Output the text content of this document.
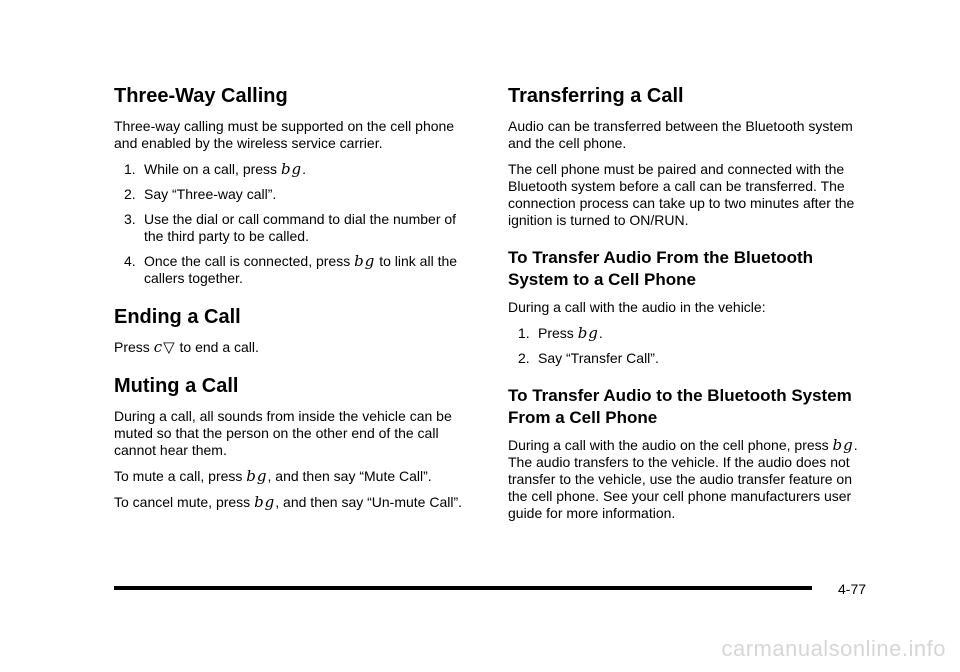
Three-Way Calling

Three-way calling must be supported on the cell phone and enabled by the wireless service carrier.

1. While on a call, press bg.
2. Say “Three-way call”.
3. Use the dial or call command to dial the number of the third party to be called.
4. Once the call is connected, press bg to link all the callers together.
Ending a Call

Press c▽ to end a call.

Muting a Call

During a call, all sounds from inside the vehicle can be muted so that the person on the other end of the call cannot hear them.

To mute a call, press bg, and then say “Mute Call”.

To cancel mute, press bg, and then say “Un-mute Call”.

Transferring a Call

Audio can be transferred between the Bluetooth system and the cell phone.

The cell phone must be paired and connected with the Bluetooth system before a call can be transferred. The connection process can take up to two minutes after the ignition is turned to ON/RUN.

To Transfer Audio From the Bluetooth System to a Cell Phone

During a call with the audio in the vehicle:

1. Press bg.
2. Say “Transfer Call”.
To Transfer Audio to the Bluetooth System From a Cell Phone

During a call with the audio on the cell phone, press bg. The audio transfers to the vehicle. If the audio does not transfer to the vehicle, use the audio transfer feature on the cell phone. See your cell phone manufacturers user guide for more information.

4-77
carmanualsonline.info
